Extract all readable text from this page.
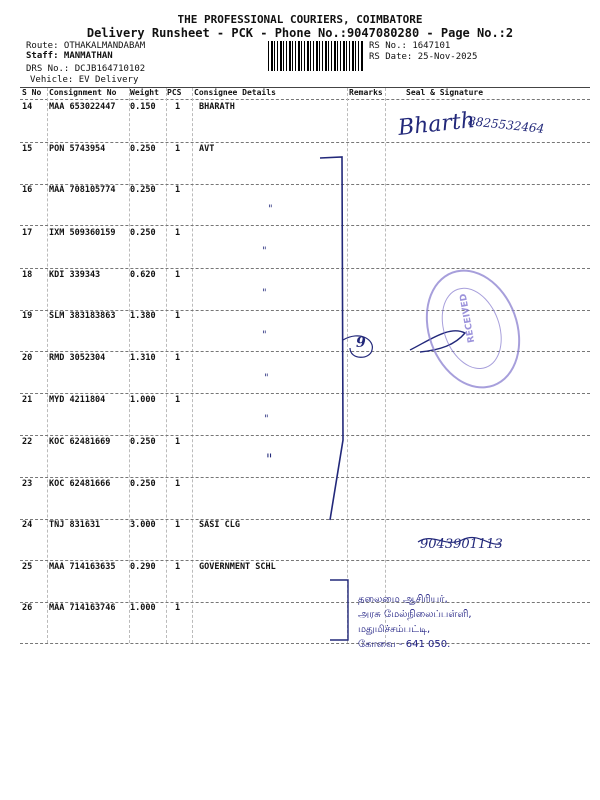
THE PROFESSIONAL COURIERS, COIMBATORE
Delivery Runsheet - PCK - Phone No.:9047080280 - Page No.:2
Route: OTHAKALMANDABAM
Staff: MANMATHAN
DRS No.: DCJB164710102
Vehicle: EV Delivery
RS No.: 1647101
RS Date: 25-Nov-2025
S No Consignment No Weight PCS Consignee Details	Remarks	Seal & Signature
14 MAA 653022447 0.150 1 BHARATH
15 PON 5743954	0.250 1 AVT
16 MAA 708105774 0.250 1
17 IXM 509360159 0.250 1
18 KDI 339343	0.620 1
19 SLM 383183863 1.380 1
20 RMD 3052304	1.310 1
21 MYD 4211804	1.000 1
22 KOC 62481669 0.250 1
23 KOC 62481666 0.250 1
24 TNJ 831631	3.000 1 SASI CLG
25 MAA 714163635 0.290 1 GOVERNMENT SCHL
26 MAA 714163746 1.000 1
Bharth
8825532464
9
9043901113
"
"
"
"
"
"
"
RECEIVED
தலைமை ஆசிரியர்,
அரசு மேல்நிலைப்பள்ளி,
மதுமிச்சம்பட்டி,
கோவை - 641 050.
